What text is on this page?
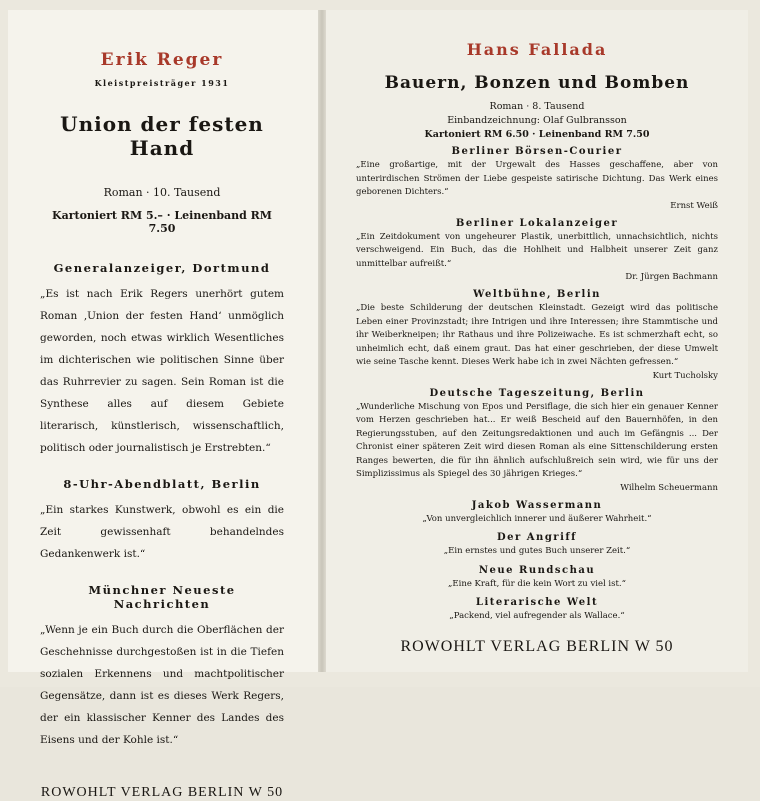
Erik Reger

Kleistpreisträger 1931

Union der festen Hand

Roman · 10. Tausend

Kartoniert RM 5.– · Leinenband RM 7.50

Generalanzeiger, Dortmund

„Es ist nach Erik Regers unerhört gutem Roman ‚Union der festen Hand‘ unmöglich geworden, noch etwas wirklich Wesentliches im dichterischen wie politischen Sinne über das Ruhrrevier zu sagen. Sein Roman ist die Synthese alles auf diesem Gebiete literarisch, künstlerisch, wissenschaftlich, politisch oder journalistisch je Erstrebten.“

8-Uhr-Abendblatt, Berlin

„Ein starkes Kunstwerk, obwohl es ein die Zeit gewissenhaft behandelndes Gedankenwerk ist.“

Münchner Neueste Nachrichten

„Wenn je ein Buch durch die Oberflächen der Geschehnisse durchgestoßen ist in die Tiefen sozialen Erkennens und machtpolitischer Gegensätze, dann ist es dieses Werk Regers, der ein klassischer Kenner des Landes des Eisens und der Kohle ist.“

ROWOHLT VERLAG BERLIN W 50

Hans Fallada

Bauern, Bonzen und Bomben

Roman · 8. Tausend

Einbandzeichnung: Olaf Gulbransson

Kartoniert RM 6.50 · Leinenband RM 7.50

Berliner Börsen-Courier

„Eine großartige, mit der Urgewalt des Hasses geschaffene, aber von unterirdischen Strömen der Liebe gespeiste satirische Dichtung. Das Werk eines geborenen Dichters.“

Ernst Weiß

Berliner Lokalanzeiger

„Ein Zeitdokument von ungeheurer Plastik, unerbittlich, unnachsichtlich, nichts verschweigend. Ein Buch, das die Hohlheit und Halbheit unserer Zeit ganz unmittelbar aufreißt.“

Dr. Jürgen Bachmann

Weltbühne, Berlin

„Die beste Schilderung der deutschen Kleinstadt. Gezeigt wird das politische Leben einer Provinzstadt; ihre Intrigen und ihre Interessen; ihre Stammtische und ihr Weiberkneipen; ihr Rathaus und ihre Polizeiwache. Es ist schmerzhaft echt, so unheimlich echt, daß einem graut. Das hat einer geschrieben, der diese Umwelt wie seine Tasche kennt. Dieses Werk habe ich in zwei Nächten gefressen.“

Kurt Tucholsky

Deutsche Tageszeitung, Berlin

„Wunderliche Mischung von Epos und Persiflage, die sich hier ein genauer Kenner vom Herzen geschrieben hat... Er weiß Bescheid auf den Bauernhöfen, in den Regierungsstuben, auf den Zeitungsredaktionen und auch im Gefängnis ... Der Chronist einer späteren Zeit wird diesen Roman als eine Sittenschilderung ersten Ranges bewerten, die für ihn ähnlich aufschlußreich sein wird, wie für uns der Simplizissimus als Spiegel des 30 jährigen Krieges.“

Wilhelm Scheuermann

Jakob Wassermann

„Von unvergleichlich innerer und äußerer Wahrheit.“

Der Angriff

„Ein ernstes und gutes Buch unserer Zeit.“

Neue Rundschau

„Eine Kraft, für die kein Wort zu viel ist.“

Literarische Welt

„Packend, viel aufregender als Wallace.“

ROWOHLT VERLAG BERLIN W 50
